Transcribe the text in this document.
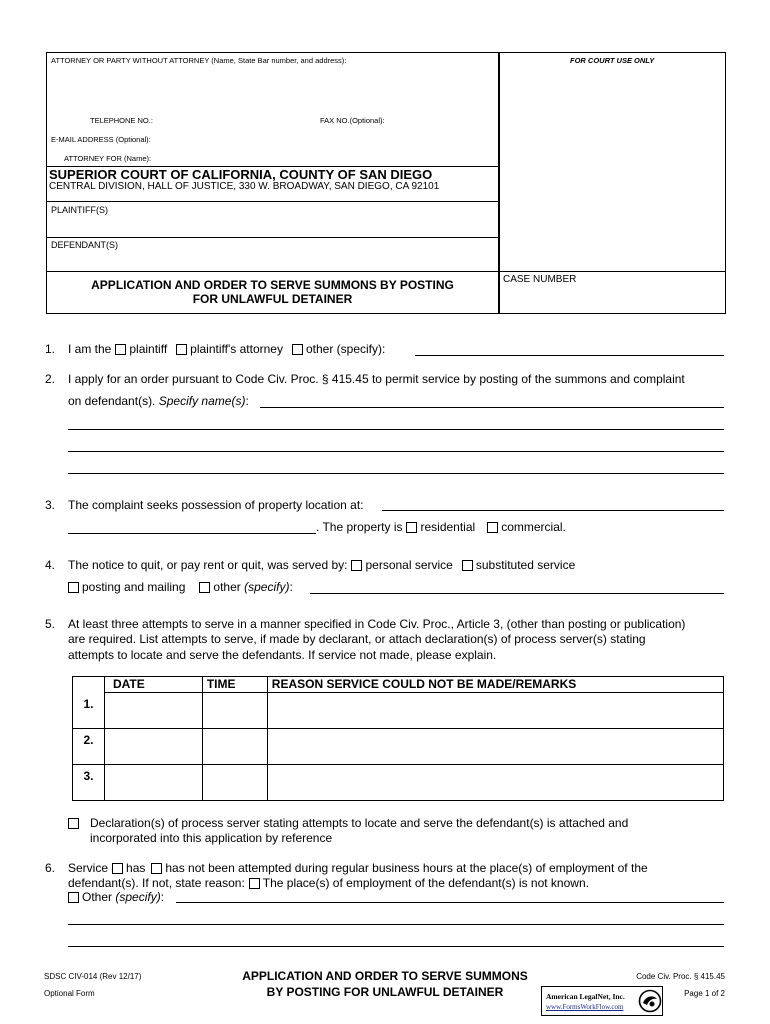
ATTORNEY OR PARTY WITHOUT ATTORNEY (Name, State Bar number, and address):	FOR COURT USE ONLY
TELEPHONE NO.:	FAX NO.(Optional):
E-MAIL ADDRESS (Optional):
ATTORNEY FOR (Name):
SUPERIOR COURT OF CALIFORNIA, COUNTY OF SAN DIEGO
CENTRAL DIVISION, HALL OF JUSTICE, 330 W. BROADWAY, SAN DIEGO, CA 92101
PLAINTIFF(S)
DEFENDANT(S)
APPLICATION AND ORDER TO SERVE SUMMONS BY POSTING
FOR UNLAWFUL DETAINER
CASE NUMBER
1. I am the plaintiff plaintiff's attorney other (specify):
2. I apply for an order pursuant to Code Civ. Proc. § 415.45 to permit service by posting of the summons and complaint
on defendant(s). Specify name(s):
3. The complaint seeks possession of property location at:
. The property is residential commercial.
4. The notice to quit, or pay rent or quit, was served by: personal service substituted service
posting and mailing other (specify):
5. At least three attempts to serve in a manner specified in Code Civ. Proc., Article 3, (other than posting or publication)
are required. List attempts to serve, if made by declarant, or attach declaration(s) of process server(s) stating
attempts to locate and serve the defendants. If service not made, please explain.
	DATE	TIME	REASON SERVICE COULD NOT BE MADE/REMARKS
1.			
2.			
3.			
Declaration(s) of process server stating attempts to locate and serve the defendant(s) is attached and
incorporated into this application by reference
6. Service has has not been attempted during regular business hours at the place(s) of employment of the
defendant(s). If not, state reason: The place(s) of employment of the defendant(s) is not known.
Other (specify):
SDSC CIV-014 (Rev 12/17)
Optional Form
APPLICATION AND ORDER TO SERVE SUMMONS
BY POSTING FOR UNLAWFUL DETAINER
Code Civ. Proc. § 415.45
Page 1 of 2
American LegalNet, Inc.
www.FormsWorkFlow.com
